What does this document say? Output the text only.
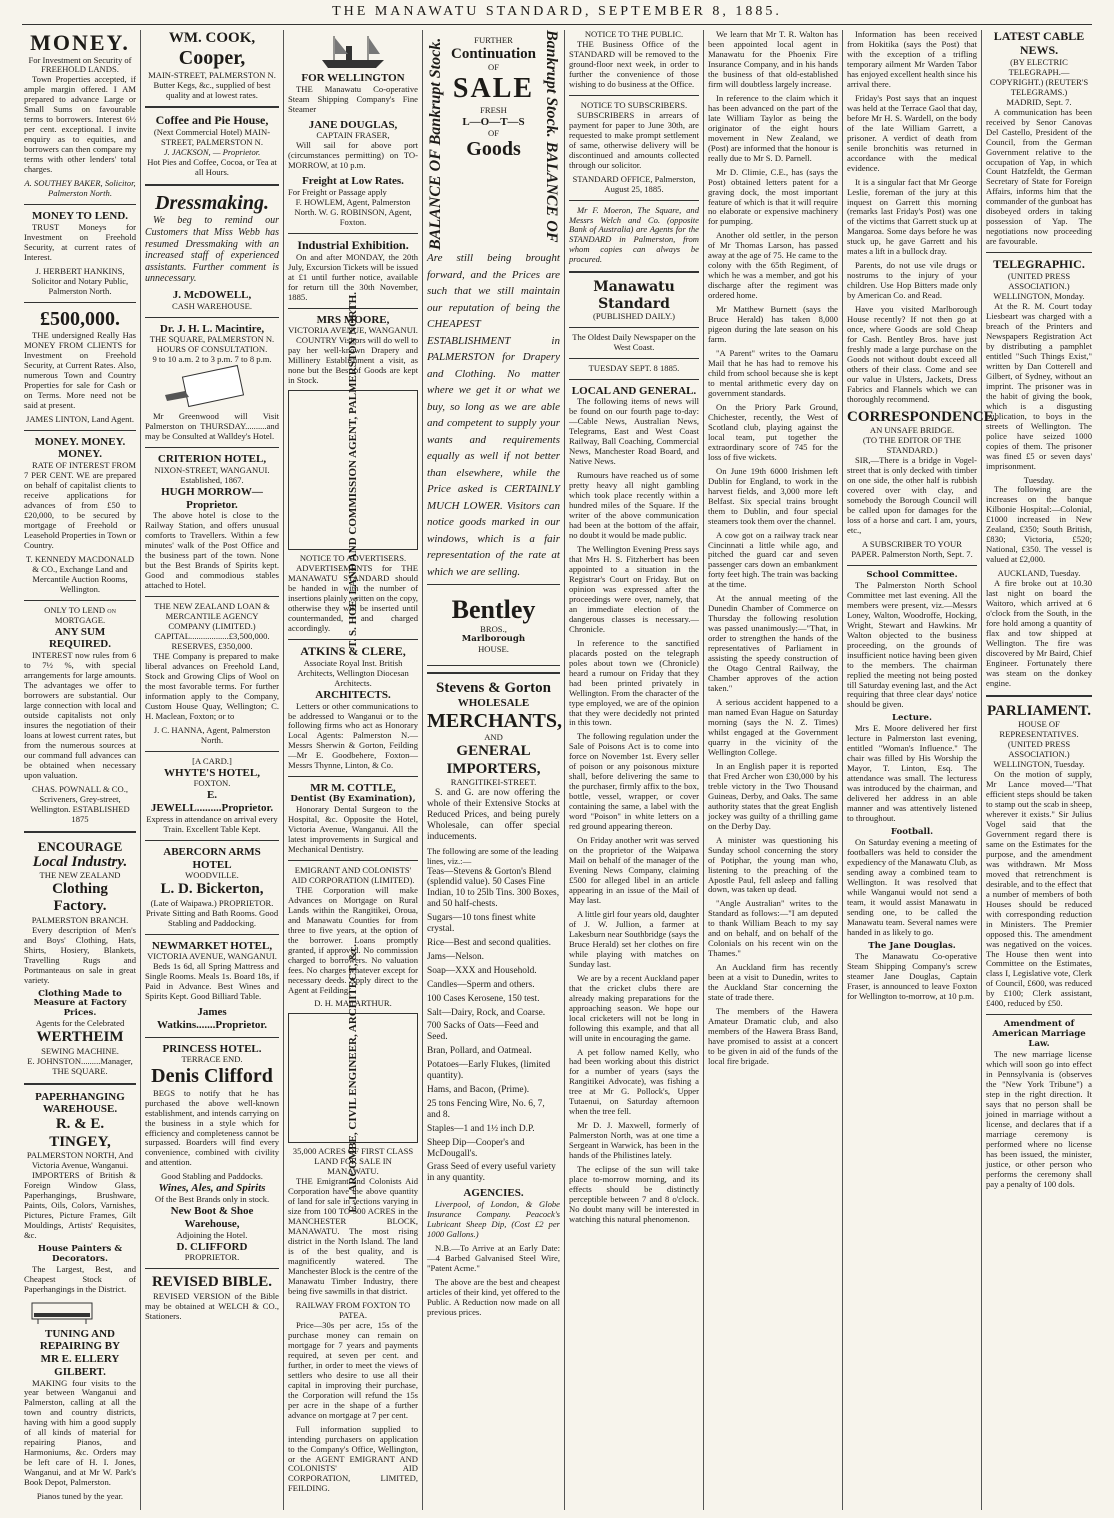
THE MANAWATU STANDARD, SEPTEMBER 8, 1885.
MONEY.
For Investment on Security of FREEHOLD LANDS.

Town Properties accepted, if ample margin offered. I AM prepared to advance Large or Small Sums on favourable terms to borrowers. Interest 6½ per cent. exceptional. I invite enquiry as to equities, and borrowers can then compare my terms with other lenders' total charges.

A. SOUTHEY BAKER, Solicitor, Palmerston North.
MONEY TO LEND.

TRUST Moneys for Investment on Freehold Security, at current rates of Interest.

J. HERBERT HANKINS, Solicitor and Notary Public, Palmerston North.
£500,000.

THE undersigned Really Has MONEY FROM CLIENTS for Investment on Freehold Security, at Current Rates. Also, numerous Town and Country Properties for sale for Cash or on Terms. More need not be said at present.

JAMES LINTON, Land Agent.
MONEY. MONEY. MONEY.

RATE OF INTEREST FROM 7 PER CENT. WE are prepared on behalf of capitalist clients to receive applications for advances of from £50 to £20,000, to be secured by mortgage of Freehold or Leasehold Properties in Town or Country.

T. KENNEDY MACDONALD & CO., Exchange Land and Mercantile Auction Rooms, Wellington.
ONLY TO LEND on MORTGAGE.
ANY SUM REQUIRED.

INTEREST now rules from 6 to 7½ %, with special arrangements for large amounts. The advantages we offer to borrowers are substantial. Our large connection with local and outside capitalists not only insures the negotiation of their loans at lowest current rates, but from the numerous sources at our command full advances can be obtained when necessary upon valuation.

CHAS. POWNALL & CO., Scriveners, Grey-street, Wellington. ESTABLISHED 1875
ENCOURAGE
Local Industry.
THE NEW ZEALAND
Clothing Factory.
PALMERSTON BRANCH.

Every description of Men's and Boys' Clothing, Hats, Shirts, Hosiery, Blankets, Travelling Rugs and Portmanteaus on sale in great variety.

Clothing Made to Measure at Factory Prices.
Agents for the Celebrated
WERTHEIM
SEWING MACHINE.
E. JOHNSTON.........Manager, THE SQUARE.
PAPERHANGING WAREHOUSE.
R. & E. TINGEY,
PALMERSTON NORTH, And Victoria Avenue, Wanganui.

IMPORTERS of British & Foreign Window Glass, Paperhangings, Brushware, Paints, Oils, Colors, Varnishes, Pictures, Picture Frames, Gilt Mouldings, Artists' Requisites, &c.

House Painters & Decorators.

The Largest, Best, and Cheapest Stock of Paperhangings in the District.

TUNING AND REPAIRING BY
MR E. ELLERY GILBERT.

MAKING four visits to the year between Wanganui and Palmerston, calling at all the town and country districts, having with him a good supply of all kinds of material for repairing Pianos, and Harmoniums, &c. Orders may be left care of H. I. Jones, Wanganui, and at Mr W. Park's Book Depot, Palmerston.

Pianos tuned by the year.
WM. COOK,
Cooper,
MAIN-STREET, PALMERSTON N.
Butter Kegs, &c., supplied of best quality and at lowest rates.
Coffee and Pie House,
(Next Commercial Hotel) MAIN-STREET, PALMERSTON N.
J. JACKSON, — Proprietor.
Hot Pies and Coffee, Cocoa, or Tea at all Hours.
Dressmaking.

We beg to remind our Customers that Miss Webb has resumed Dressmaking with an increased staff of experienced assistants. Further comment is unnecessary.

J. McDOWELL,
CASH WAREHOUSE.
Dr. J. H. L. Macintire,
THE SQUARE, PALMERSTON N.
HOURS OF CONSULTATION.
9 to 10 a.m. 2 to 3 p.m. 7 to 8 p.m.

Mr Greenwood will Visit Palmerston on THURSDAY..........and may be Consulted at Walldey's Hotel.

CRITERION HOTEL,
NIXON-STREET, WANGANUI. Established, 1867.
HUGH MORROW—Proprietor.

The above hotel is close to the Railway Station, and offers unusual comforts to Travellers. Within a few minutes' walk of the Post Office and the business part of the town. None but the Best Brands of Spirits kept. Good and commodious stables attached to Hotel.

THE NEW ZEALAND LOAN & MERCANTILE AGENCY COMPANY (LIMITED.)
CAPITAL..................£3,500,000. RESERVES, £350,000.

THE Company is prepared to make liberal advances on Freehold Land, Stock and Growing Clips of Wool on the most favorable terms. For further information apply to the Company, Custom House Quay, Wellington; C. H. Maclean, Foxton; or to

J. C. HANNA, Agent, Palmerston North.
[A CARD.]
WHYTE'S HOTEL,
FOXTON.
E. JEWELL.........Proprietor.
Express in attendance on arrival every Train. Excellent Table Kept.
ABERCORN ARMS HOTEL
WOODVILLE.
L. D. Bickerton,
(Late of Waipawa.) PROPRIETOR.
Private Sitting and Bath Rooms. Good Stabling and Paddocking.
NEWMARKET HOTEL,
VICTORIA AVENUE, WANGANUI.

Beds 1s 6d, all Spring Mattress and Single Rooms. Meals 1s. Board 18s, if Paid in Advance. Best Wines and Spirits Kept. Good Billiard Table.

James Watkins.......Proprietor.
PRINCESS HOTEL.
TERRACE END.
Denis Clifford

BEGS to notify that he has purchased the above well-known establishment, and intends carrying on the business in a style which for efficiency and completeness cannot be surpassed. Boarders will find every convenience, combined with civility and attention.

Good Stabling and Paddocks.
Wines, Ales, and Spirits
Of the Best Brands only in stock.
New Boot & Shoe Warehouse,
Adjoining the Hotel.
D. CLIFFORD
PROPRIETOR.
REVISED BIBLE.

REVISED VERSION of the Bible may be obtained at WELCH & CO., Stationers.

FOR WELLINGTON

THE Manawatu Co-operative Steam Shipping Company's Fine Steamer

JANE DOUGLAS,
CAPTAIN FRASER,

Will sail for above port (circumstances permitting) on TO-MORROW, at 10 p.m.

Freight at Low Rates.
For Freight or Passage apply
F. HOWLEM, Agent, Palmerston North. W. G. ROBINSON, Agent, Foxton.
Industrial Exhibition.

On and after MONDAY, the 20th July, Excursion Tickets will be issued at £1 until further notice, available for return till the 30th November, 1885.

MRS MOORE,
VICTORIA AVENUE, WANGANUI.

COUNTRY Visitors will do well to pay her well-known Drapery and Millinery Establishment a visit, as none but the Best of Goods are kept in Stock.	T. S. HOE, LAND AND COMMISSION AGENT, PALMERSTON NORTH.
NOTICE TO ADVERTISERS.

ADVERTISEMENTS for THE MANAWATU STANDARD should be handed in with the number of insertions plainly written on the copy, otherwise they will be inserted until countermanded, and charged accordingly.

ATKINS & CLERE,
Associate Royal Inst. British Architects, Wellington Diocesan Architects.
ARCHITECTS.

Letters or other communications to be addressed to Wanganui or to the following firms who act as Honorary Local Agents: Palmerston N.—Messrs Sherwin & Gorton, Feilding—Mr E. Goodbehere, Foxton—Messrs Thynne, Linton, & Co.

MR M. COTTLE,
Dentist (By Examination),

Honorary Dental Surgeon to the Hospital, &c. Opposite the Hotel, Victoria Avenue, Wanganui. All the latest improvements in Surgical and Mechanical Dentistry.

EMIGRANT AND COLONISTS' AID CORPORATION (LIMITED).

THE Corporation will make Advances on Mortgage on Rural Lands within the Rangitikei, Oroua, and Manawatu Counties for from three to five years, at the option of the borrower. Loans promptly granted, if approved. No commission charged to borrowers. No valuation fees. No charges whatever except for necessary deeds. Apply direct to the Agent at Feilding,

D. H. MACARTHUR.
E. LARCOMBE, CIVIL ENGINEER, ARCHITECT, &c.
35,000 ACRES OF FIRST CLASS LAND FOR SALE IN MANAWATU.

THE Emigrant and Colonists Aid Corporation have the above quantity of land for sale in sections varying in size from 100 TO 500 ACRES in the MANCHESTER BLOCK, MANAWATU. The most rising district in the North Island. The land is of the best quality, and is magnificently watered. The Manchester Block is the centre of the Manawatu Timber Industry, there being five sawmills in that district.

RAILWAY FROM FOXTON TO PATEA.

Price—30s per acre, 15s of the purchase money can remain on mortgage for 7 years and payments required, at seven per cent. and further, in order to meet the views of settlers who desire to use all their capital in improving their purchase, the Corporation will refund the 15s per acre in the shape of a further advance on mortgage at 7 per cent.

Full information supplied to intending purchasers on application to the Company's Office, Wellington, or the AGENT EMIGRANT AND COLONISTS' AID CORPORATION, LIMITED, FEILDING.

BALANCE OF Bankrupt Stock.	FURTHER
Continuation
OF
SALE
FRESH
L—O—T—S
OF
Goods	Bankrupt Stock. BALANCE OF

Are still being brought forward, and the Prices are such that we still maintain our reputation of being the CHEAPEST ESTABLISHMENT in PALMERSTON for Drapery and Clothing. No matter where we get it or what we buy, so long as we are able and competent to supply your wants and requirements equally as well if not better than elsewhere, while the Price asked is CERTAINLY MUCH LOWER. Visitors can notice goods marked in our windows, which is a fair representation of the rate at which we are selling.

Bentley
BROS.,
Marlborough
HOUSE.
Stevens & Gorton
WHOLESALE
MERCHANTS,
AND
GENERAL IMPORTERS,
RANGITIKEI-STREET.

S. and G. are now offering the whole of their Extensive Stocks at Reduced Prices, and being purely Wholesale, can offer special inducements.

The following are some of the leading lines, viz.:—
Teas—Stevens & Gorton's Blend (splendid value). 50 Cases Fine Indian, 10 to 25lb Tins. 300 Boxes, and 50 half-chests.
Sugars—10 tons finest white crystal.
Rice—Best and second qualities.
Jams—Nelson.
Soap—XXX and Household.
Candles—Sperm and others.
100 Cases Kerosene, 150 test.
Salt—Dairy, Rock, and Coarse.
700 Sacks of Oats—Feed and Seed.
Bran, Pollard, and Oatmeal.
Potatoes—Early Flukes, (limited quantity).
Hams, and Bacon, (Prime).
25 tons Fencing Wire, No. 6, 7, and 8.
Staples—1 and 1½ inch D.P.
Sheep Dip—Cooper's and McDougall's.
Grass Seed of every useful variety in any quantity.
AGENCIES.

Liverpool, of London, & Globe Insurance Company. Peacock's Lubricant Sheep Dip, (Cost £2 per 1000 Gallons.)

N.B.—To Arrive at an Early Date:—4 Barbed Galvanised Steel Wire, "Patent Acme."

The above are the best and cheapest articles of their kind, yet offered to the Public. A Reduction now made on all previous prices.

NOTICE TO THE PUBLIC.

THE Business Office of the STANDARD will be removed to the ground-floor next week, in order to further the convenience of those wishing to do business at the Office.

NOTICE TO SUBSCRIBERS.

SUBSCRIBERS in arrears of payment for paper to June 30th, are requested to make prompt settlement of same, otherwise delivery will be discontinued and amounts collected through our solicitor.

STANDARD OFFICE, Palmerston, August 25, 1885.

Mr F. Moeron, The Square, and Messrs Welch and Co. (opposite Bank of Australia) are Agents for the STANDARD in Palmerston, from whom copies can always be procured.

Manawatu Standard
(PUBLISHED DAILY.)
The Oldest Daily Newspaper on the West Coast.
TUESDAY SEPT. 8 1885.
LOCAL AND GENERAL.

The following items of news will be found on our fourth page to-day:—Cable News, Australian News, Telegrams, East and West Coast Railway, Ball Coaching, Commercial News, Manchester Road Board, and Native News.

Rumours have reached us of some pretty heavy all night gambling which took place recently within a hundred miles of the Square. If the writer of the above communication had been at the bottom of the affair, no doubt it would be made public.

The Wellington Evening Press says that Mrs H. S. Fitzherbert has been appointed to a situation in the Registrar's Court on Friday. But on opinion was expressed after the proceedings were over, namely, that an immediate election of the dangerous classes is necessary.—Chronicle.

In reference to the sanctified placards posted on the telegraph poles about town we (Chronicle) heard a rumour on Friday that they had been printed privately in Wellington. From the character of the type employed, we are of the opinion that they were decidedly not printed in this town.

The following regulation under the Sale of Poisons Act is to come into force on November 1st. Every seller of poison or any poisonous mixture shall, before delivering the same to the purchaser, firmly affix to the box, bottle, vessel, wrapper, or cover containing the same, a label with the word "Poison" in white letters on a red ground appearing thereon.

On Friday another writ was served on the proprietor of the Waipawa Mail on behalf of the manager of the Evening News Company, claiming £500 for alleged libel in an article appearing in an issue of the Mail of May last.

A little girl four years old, daughter of J. W. Jullion, a farmer at Lakesburn near Southbridge (says the Bruce Herald) set her clothes on fire while playing with matches on Sunday last.

We are by a recent Auckland paper that the cricket clubs there are already making preparations for the approaching season. We hope our local cricketers will not be long in following this example, and that all will unite in encouraging the game.

A pet follow named Kelly, who had been working about this district for a number of years (says the Rangitikei Advocate), was fishing a tree at Mr G. Pollock's, Upper Tutaenui, on Saturday afternoon when the tree fell.

Mr D. J. Maxwell, formerly of Palmerston North, was at one time a Sergeant in Warwick, has been in the hands of the Philistines lately.

The eclipse of the sun will take place to-morrow morning, and its effects should be distinctly perceptible between 7 and 8 o'clock. No doubt many will be interested in watching this natural phenomenon.

We learn that Mr T. R. Walton has been appointed local agent in Manawatu for the Phoenix Fire Insurance Company, and in his hands the business of that old-established firm will doubtless largely increase.

In reference to the claim which it has been advanced on the part of the late William Taylor as being the originator of the eight hours movement in New Zealand, we (Post) are informed that the honour is really due to Mr S. D. Parnell.

Mr D. Climie, C.E., has (says the Post) obtained letters patent for a graving dock, the most important feature of which is that it will require no elaborate or expensive machinery for pumping.

Another old settler, in the person of Mr Thomas Larson, has passed away at the age of 75. He came to the colony with the 65th Regiment, of which he was a member, and got his discharge after the regiment was ordered home.

Mr Matthew Burnett (says the Bruce Herald) has taken 8,000 pigeon during the late season on his farm.

"A Parent" writes to the Oamaru Mail that he has had to remove his child from school because she is kept to mental arithmetic every day on government standards.

On the Priory Park Ground, Chichester, recently, the West of Scotland club, playing against the local team, put together the extraordinary score of 745 for the loss of five wickets.

On June 19th 6000 Irishmen left Dublin for England, to work in the harvest fields, and 3,000 more left Belfast. Six special trains brought them to Dublin, and four special steamers took them over the channel.

A cow got on a railway track near Cincinnati a little while ago, and pitched the guard car and seven passenger cars down an embankment forty feet high. The train was backing at the time.

At the annual meeting of the Dunedin Chamber of Commerce on Thursday the following resolution was passed unanimously:—"That, in order to strengthen the hands of the representatives of Parliament in assisting the speedy construction of the Otago Central Railway, the Chamber approves of the action taken."

A serious accident happened to a man named Evan Hague on Saturday morning (says the N. Z. Times) whilst engaged at the Government quarry in the vicinity of the Wellington College.

In an English paper it is reported that Fred Archer won £30,000 by his treble victory in the Two Thousand Guineas, Derby, and Oaks. The same authority states that the great English jockey was guilty of a thrilling game on the Derby Day.

A minister was questioning his Sunday school concerning the story of Potiphar, the young man who, listening to the preaching of the Apostle Paul, fell asleep and falling down, was taken up dead.

"Angle Australian" writes to the Standard as follows:—"I am deputed to thank William Beach to my say and on behalf, and on behalf of the Colonials on his recent win on the Thames."

An Auckland firm has recently been at a visit to Dunedin, writes to the Auckland Star concerning the state of trade there.

The members of the Hawera Amateur Dramatic club, and also members of the Hawera Brass Band, have promised to assist at a concert to be given in aid of the funds of the local fire brigade.

Information has been received from Hokitika (says the Post) that with the exception of a trifling temporary ailment Mr Warden Tabor has enjoyed excellent health since his arrival there.

Friday's Post says that an inquest was held at the Terrace Gaol that day, before Mr H. S. Wardell, on the body of the late William Garrett, a prisoner. A verdict of death from senile bronchitis was returned in accordance with the medical evidence.

It is a singular fact that Mr George Leslie, foreman of the jury at this inquest on Garrett this morning (remarks last Friday's Post) was one of the victims that Garrett stuck up at Mangaroa. Some days before he was stuck up, he gave Garrett and his mates a lift in a bullock dray.

Parents, do not use vile drugs or nostrums to the injury of your children. Use Hop Bitters made only by American Co. and Read.

Have you visited Marlborough House recently? If not then go at once, where Goods are sold Cheap for Cash. Bentley Bros. have just freshly made a large purchase on the Goods not without doubt exceed all others of their class. Come and see our value in Ulsters, Jackets, Dress Fabrics and Flannels which we can thoroughly recommend.

CORRESPONDENCE.
AN UNSAFE BRIDGE.
(TO THE EDITOR OF THE STANDARD.)

SIR,—There is a bridge in Vogel-street that is only decked with timber on one side, the other half is rubbish covered over with clay, and somebody the Borough Council will be called upon for damages for the loss of a horse and cart. I am, yours, etc.,

A SUBSCRIBER TO YOUR PAPER. Palmerston North, Sept. 7.
School Committee.

The Palmerston North School Committee met last evening. All the members were present, viz.—Messrs Loney, Walton, Woodroffe, Hocking, Wright, Stewart and Hawkins. Mr Walton objected to the business proceeding, on the grounds of insufficient notice having been given to the members. The chairman replied the meeting not being posted till Saturday evening last, and the Act requiring that three clear days' notice should be given.

Lecture.

Mrs E. Moore delivered her first lecture in Palmerston last evening, entitled "Woman's Influence." The chair was filled by His Worship the Mayor, T. Linton, Esq. The attendance was small. The lecturess was introduced by the chairman, and delivered her address in an able manner and was attentively listened to throughout.

Football.

On Saturday evening a meeting of footballers was held to consider the expediency of the Manawatu Club, as sending away a combined team to Wellington. It was resolved that while Wanganui would not send a team, it would assist Manawatu in sending one, to be called the Manawatu team. Several names were handed in as likely to go.

The Jane Douglas.

The Manawatu Co-operative Steam Shipping Company's screw steamer Jane Douglas, Captain Fraser, is announced to leave Foxton for Wellington to-morrow, at 10 p.m.

LATEST CABLE NEWS.
(BY ELECTRIC TELEGRAPH.—COPYRIGHT.) (REUTER'S TELEGRAMS.)
MADRID, Sept. 7.

A communication has been received by Senor Canovas Del Castello, President of the Council, from the German Government relative to the occupation of Yap, in which Count Hatzfeldt, the German Secretary of State for Foreign Affairs, informs him that the commander of the gunboat has disobeyed orders in taking possession of Yap. The negotiations now proceeding are favourable.

TELEGRAPHIC.
(UNITED PRESS ASSOCIATION.)
WELLINGTON, Monday.

At the R. M. Court today Liesbeart was charged with a breach of the Printers and Newspapers Registration Act by distributing a pamphlet entitled "Such Things Exist," written by Dan Cotterell and Gilbert, of Sydney, without an imprint. The prisoner was in the habit of giving the book, which is a disgusting publication, to boys in the streets of Wellington. The police have seized 1000 copies of them. The prisoner was fined £5 or seven days' imprisonment.

Tuesday.

The following are the increases on the banque Kilbonie Hospital:—Colonial, £1000 increased in New Zealand, £350; South British, £830; Victoria, £520; National, £350. The vessel is valued at £2,000.

AUCKLAND, Tuesday.

A fire broke out at 10.30 last night on board the Waitoro, which arrived at 6 o'clock from the South, in the fore hold among a quantity of flax and tow shipped at Wellington. The fire was discovered by Mr Baird, Chief Engineer. Fortunately there was steam on the donkey engine.

PARLIAMENT.
HOUSE OF REPRESENTATIVES.
(UNITED PRESS ASSOCIATION.)
WELLINGTON, Tuesday.

On the motion of supply, Mr Lance moved—"That efficient steps should be taken to stamp out the scab in sheep, wherever it exists." Sir Julius Vogel said that the Government regard there is same on the Estimates for the purpose, and the amendment was withdrawn. Mr Moss moved that retrenchment is desirable, and to the effect that a number of members of both Houses should be reduced with corresponding reduction in Ministers. The Premier opposed this. The amendment was negatived on the voices. The House then went into Committee on the Estimates, class I, Legislative vote, Clerk of Council, £600, was reduced by £100; Clerk assistant, £400, reduced by £50.

Amendment of American Marriage Law.

The new marriage license which will soon go into effect in Pennsylvania is (observes the "New York Tribune") a step in the right direction. It says that no person shall be joined in marriage without a license, and declares that if a marriage ceremony is performed where no license has been issued, the minister, justice, or other person who performs the ceremony shall pay a penalty of 100 dols.
